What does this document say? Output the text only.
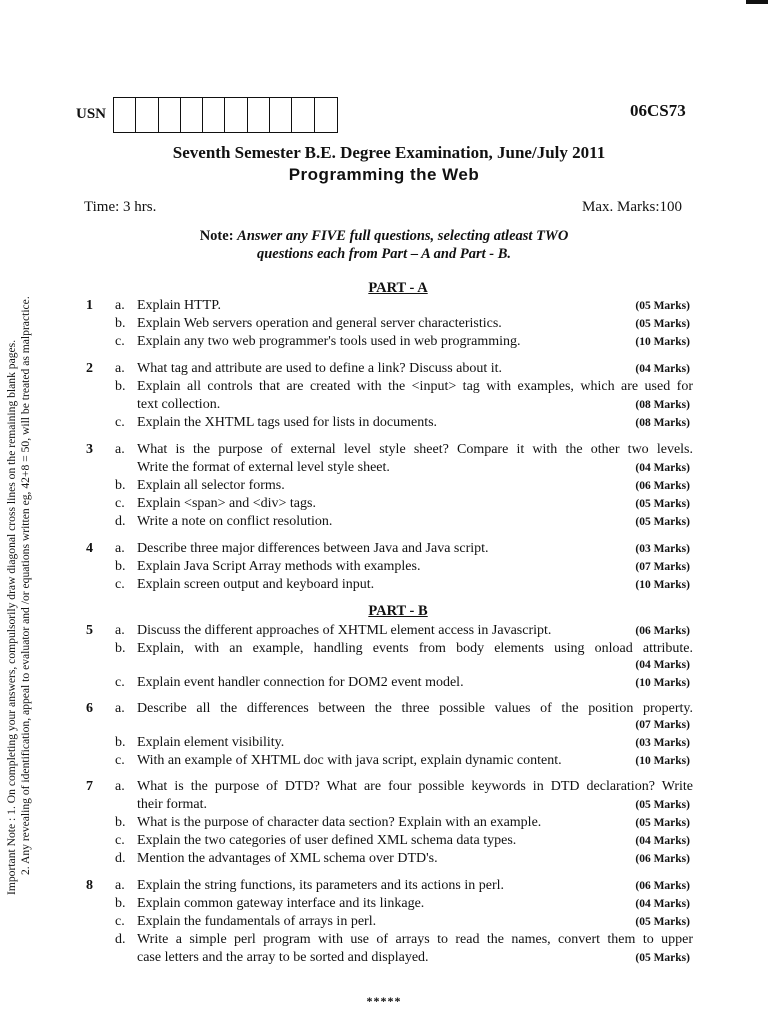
Important Note : 1. On completing your answers, compulsorily draw diagonal cross lines on the remaining blank pages. 2. Any revealing of identification, appeal to evaluator and /or equations written eg, 42+8 = 50, will be treated as malpractice.
USN	06CS73
Seventh Semester B.E. Degree Examination, June/July 2011
Programming the Web
Time: 3 hrs.	Max. Marks:100
Note: Answer any FIVE full questions, selecting atleast TWO
questions each from Part – A and Part - B.
PART - A
PART - B
1 a. Explain HTTP.	(05 Marks)
b. Explain Web servers operation and general server characteristics.	(05 Marks)
c. Explain any two web programmer's tools used in web programming.	(10 Marks)
2 a. What tag and attribute are used to define a link? Discuss about it.	(04 Marks)
b. Explain all controls that are created with the <input> tag with examples, which are used for
text collection.	(08 Marks)
c. Explain the XHTML tags used for lists in documents.	(08 Marks)
3 a. What is the purpose of external level style sheet? Compare it with the other two levels.
Write the format of external level style sheet.	(04 Marks)
b. Explain all selector forms.	(06 Marks)
c. Explain <span> and <div> tags.	(05 Marks)
d. Write a note on conflict resolution.	(05 Marks)
4 a. Describe three major differences between Java and Java script.	(03 Marks)
b. Explain Java Script Array methods with examples.	(07 Marks)
c. Explain screen output and keyboard input.	(10 Marks)
5 a. Discuss the different approaches of XHTML element access in Javascript.	(06 Marks)
b. Explain, with an example, handling events from body elements using onload attribute.
(04 Marks)
c. Explain event handler connection for DOM2 event model.	(10 Marks)
6 a. Describe all the differences between the three possible values of the position property.
(07 Marks)
b. Explain element visibility.	(03 Marks)
c. With an example of XHTML doc with java script, explain dynamic content.	(10 Marks)
7 a. What is the purpose of DTD? What are four possible keywords in DTD declaration? Write
their format.	(05 Marks)
b. What is the purpose of character data section? Explain with an example.	(05 Marks)
c. Explain the two categories of user defined XML schema data types.	(04 Marks)
d. Mention the advantages of XML schema over DTD's.	(06 Marks)
8 a. Explain the string functions, its parameters and its actions in perl.	(06 Marks)
b. Explain common gateway interface and its linkage.	(04 Marks)
c. Explain the fundamentals of arrays in perl.	(05 Marks)
d. Write a simple perl program with use of arrays to read the names, convert them to upper
case letters and the array to be sorted and displayed.	(05 Marks)
*****
